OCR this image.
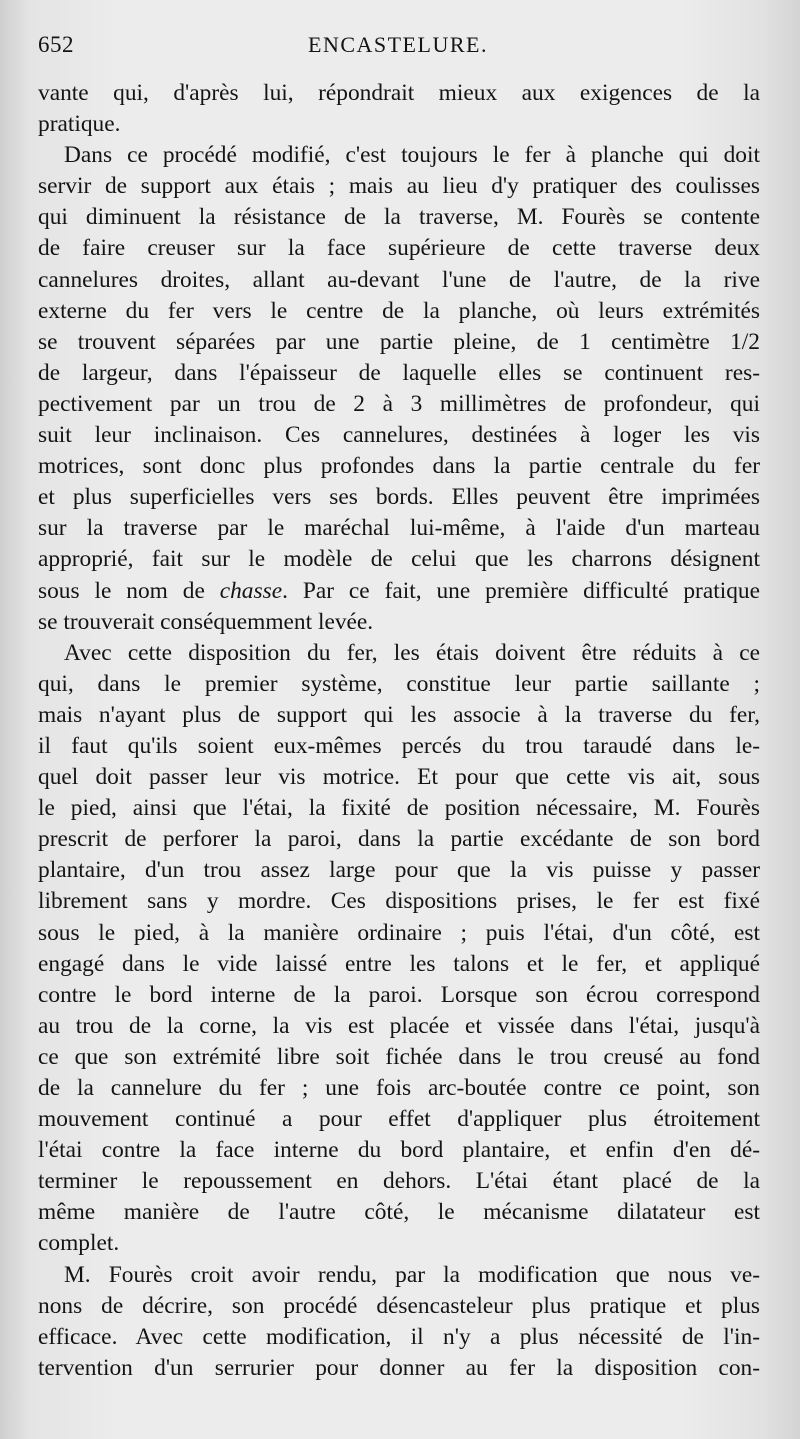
652	ENCASTELURE.

vante qui, d'après lui, répondrait mieux aux exigences de la
pratique.

Dans ce procédé modifié, c'est toujours le fer à planche qui doit
servir de support aux étais ; mais au lieu d'y pratiquer des coulisses
qui diminuent la résistance de la traverse, M. Fourès se contente
de faire creuser sur la face supérieure de cette traverse deux
cannelures droites, allant au-devant l'une de l'autre, de la rive
externe du fer vers le centre de la planche, où leurs extrémités
se trouvent séparées par une partie pleine, de 1 centimètre 1/2
de largeur, dans l'épaisseur de laquelle elles se continuent res-
pectivement par un trou de 2 à 3 millimètres de profondeur, qui
suit leur inclinaison. Ces cannelures, destinées à loger les vis
motrices, sont donc plus profondes dans la partie centrale du fer
et plus superficielles vers ses bords. Elles peuvent être imprimées
sur la traverse par le maréchal lui-même, à l'aide d'un marteau
approprié, fait sur le modèle de celui que les charrons désignent
sous le nom de chasse. Par ce fait, une première difficulté pratique
se trouverait conséquemment levée.

Avec cette disposition du fer, les étais doivent être réduits à ce
qui, dans le premier système, constitue leur partie saillante ;
mais n'ayant plus de support qui les associe à la traverse du fer,
il faut qu'ils soient eux-mêmes percés du trou taraudé dans le-
quel doit passer leur vis motrice. Et pour que cette vis ait, sous
le pied, ainsi que l'étai, la fixité de position nécessaire, M. Fourès
prescrit de perforer la paroi, dans la partie excédante de son bord
plantaire, d'un trou assez large pour que la vis puisse y passer
librement sans y mordre. Ces dispositions prises, le fer est fixé
sous le pied, à la manière ordinaire ; puis l'étai, d'un côté, est
engagé dans le vide laissé entre les talons et le fer, et appliqué
contre le bord interne de la paroi. Lorsque son écrou correspond
au trou de la corne, la vis est placée et vissée dans l'étai, jusqu'à
ce que son extrémité libre soit fichée dans le trou creusé au fond
de la cannelure du fer ; une fois arc-boutée contre ce point, son
mouvement continué a pour effet d'appliquer plus étroitement
l'étai contre la face interne du bord plantaire, et enfin d'en dé-
terminer le repoussement en dehors. L'étai étant placé de la
même manière de l'autre côté, le mécanisme dilatateur est
complet.

M. Fourès croit avoir rendu, par la modification que nous ve-
nons de décrire, son procédé désencasteleur plus pratique et plus
efficace. Avec cette modification, il n'y a plus nécessité de l'in-
tervention d'un serrurier pour donner au fer la disposition con-
